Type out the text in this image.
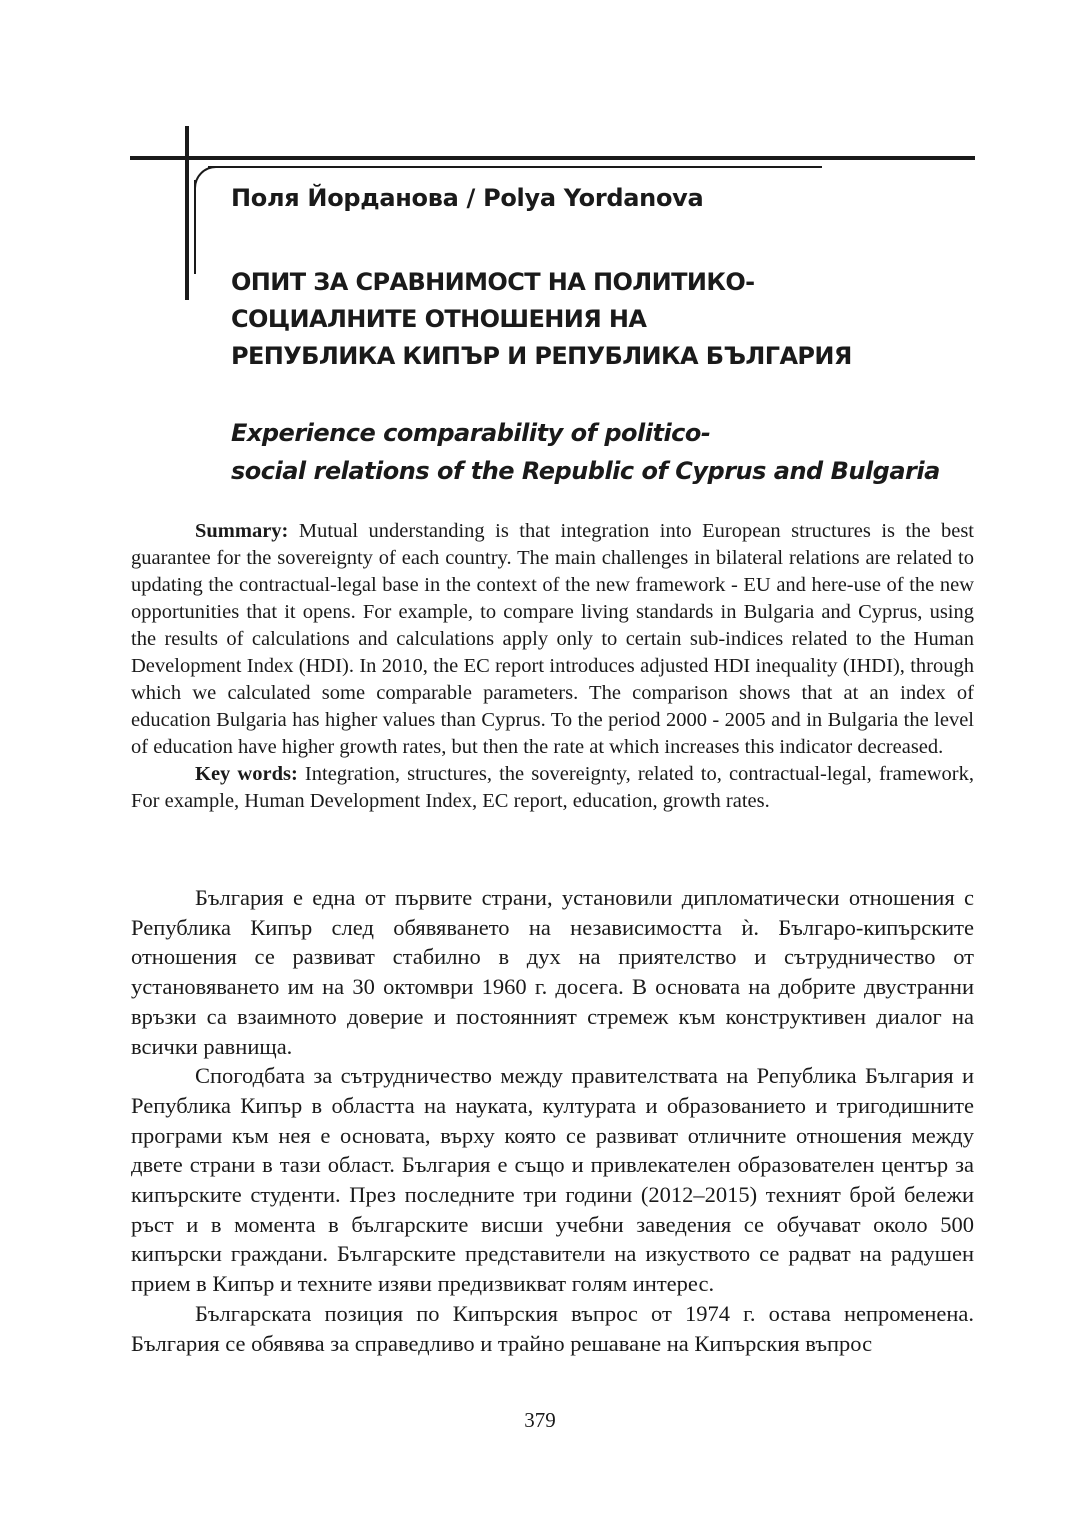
Поля Йорданова / Polya Yordanova
ОПИТ ЗА СРАВНИМОСТ НА ПОЛИТИКО-
СОЦИАЛНИТЕ ОТНОШЕНИЯ НА
РЕПУБЛИКА КИПЪР И РЕПУБЛИКА БЪЛГАРИЯ
Experience comparability of politico-
social relations of the Republic of Cyprus and Bulgaria

Summary: Mutual understanding is that integration into European structures is the best guarantee for the sovereignty of each country. The main challenges in bilateral relations are related to updating the contractual-legal base in the context of the new framework - EU and here-use of the new opportunities that it opens. For example, to compare living standards in Bulgaria and Cyprus, using the results of calculations and calculations apply only to certain sub-indices related to the Human Development Index (HDI). In 2010, the EC report introduces adjusted HDI inequality (IHDI), through which we calculated some comparable parameters. The comparison shows that at an index of education Bulgaria has higher values than Cyprus. To the period 2000 - 2005 and in Bulgaria the level of education have higher growth rates, but then the rate at which increases this indicator decreased.

Key words: Integration, structures, the sovereignty, related to, contractual-legal, framework, For example, Human Development Index, EC report, education, growth rates.

България е една от първите страни, установили дипломатически отношения с Република Кипър след обявяването на независимостта ѝ. Българо-кипърските отношения се развиват стабилно в дух на приятелство и сътрудничество от установяването им на 30 октомври 1960 г. досега. В основата на добрите двустранни връзки са взаимното доверие и постоянният стремеж към конструктивен диалог на всички равнища.

Спогодбата за сътрудничество между правителствата на Република България и Република Кипър в областта на науката, културата и образованието и тригодишните програми към нея е основата, върху която се развиват отличните отношения между двете страни в тази област. България е също и привлекателен образователен център за кипърските студенти. През последните три години (2012–2015) техният брой бележи ръст и в момента в българските висши учебни заведения се обучават около 500 кипърски граждани. Българските представители на изкуството се радват на радушен прием в Кипър и техните изяви предизвикват голям интерес.

Българската позиция по Кипърския въпрос от 1974 г. остава непроменена. България се обявява за справедливо и трайно решаване на Кипърския въпрос

379
